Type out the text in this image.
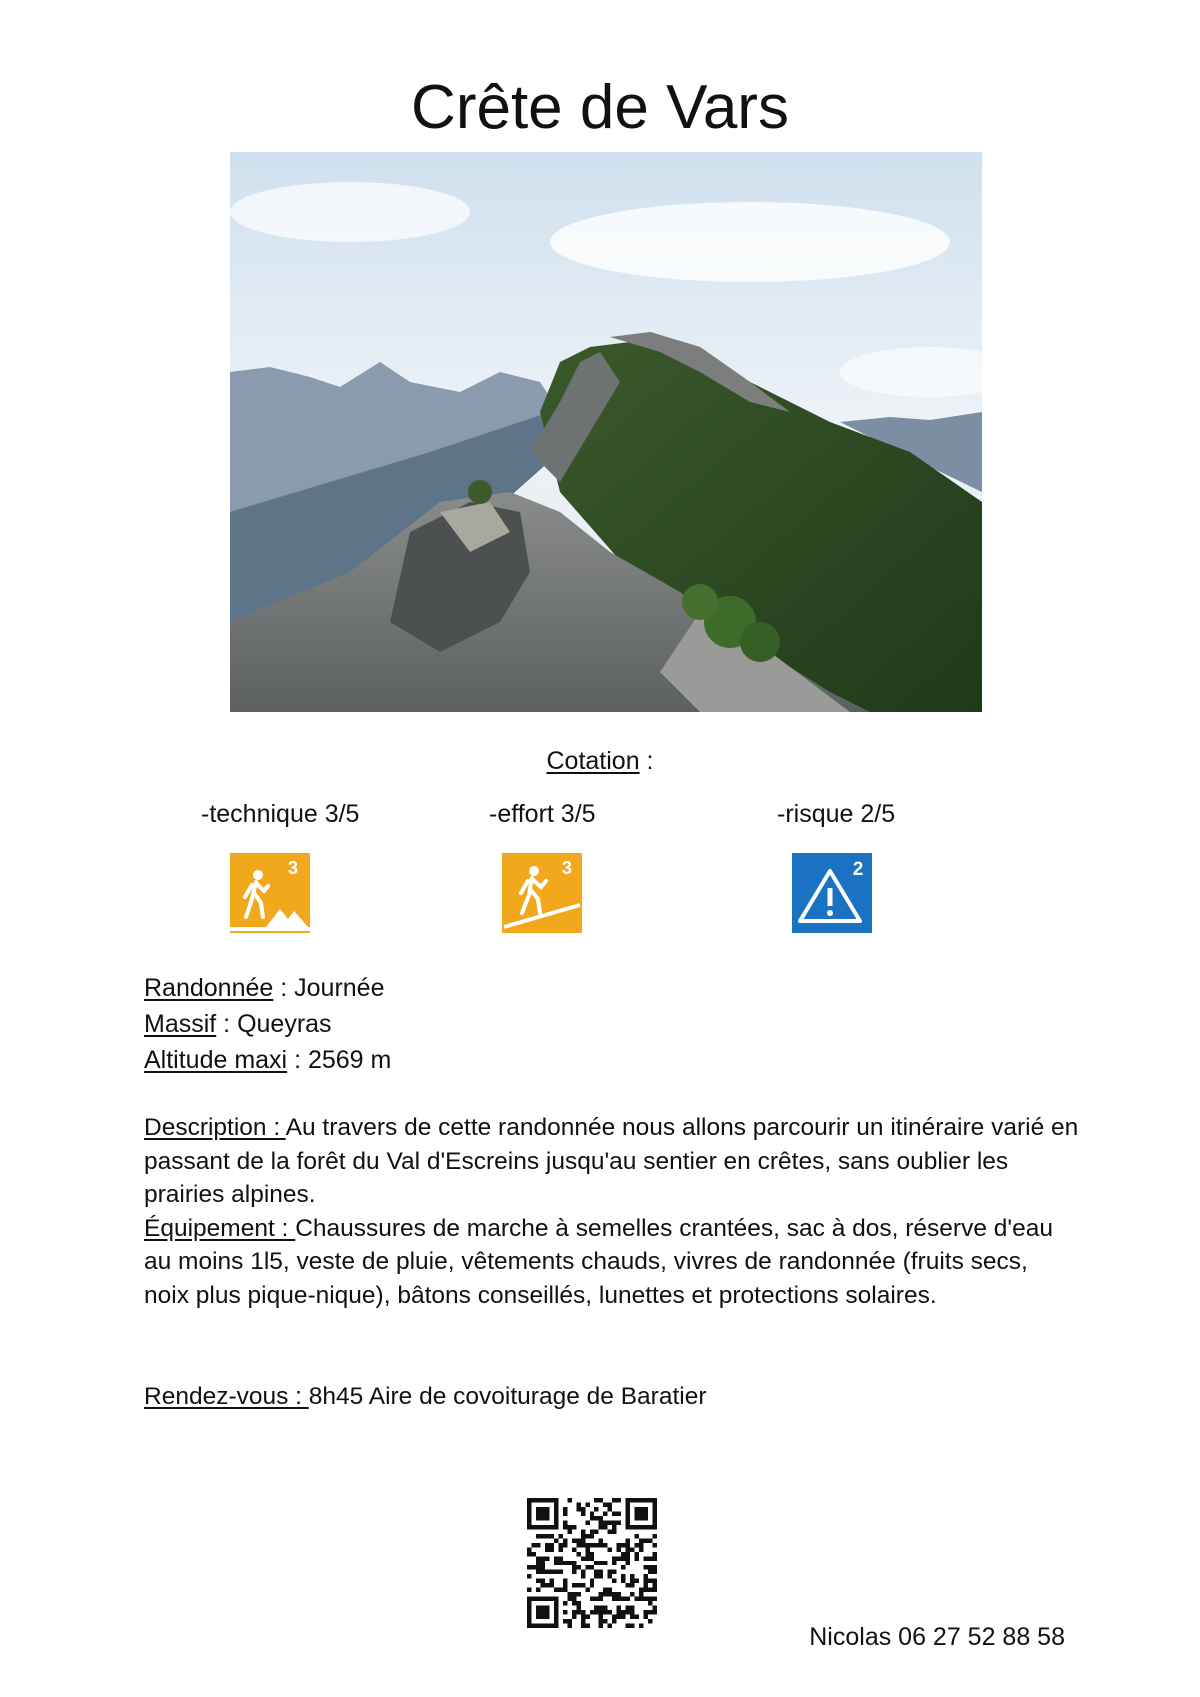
Crête de Vars
Cotation :
-technique 3/5	-effort 3/5	-risque 2/5
3	3	2
Randonnée : Journée
Massif : Queyras
Altitude maxi : 2569 m
Description : Au travers de cette randonnée nous allons parcourir un itinéraire varié en passant de la forêt du Val d'Escreins jusqu'au sentier en crêtes, sans oublier les prairies alpines.
Équipement : Chaussures de marche à semelles crantées, sac à dos, réserve d'eau au moins 1l5, veste de pluie, vêtements chauds, vivres de randonnée (fruits secs, noix plus pique-nique), bâtons conseillés, lunettes et protections solaires.
Rendez-vous : 8h45 Aire de covoiturage de Baratier
Nicolas 06 27 52 88 58
